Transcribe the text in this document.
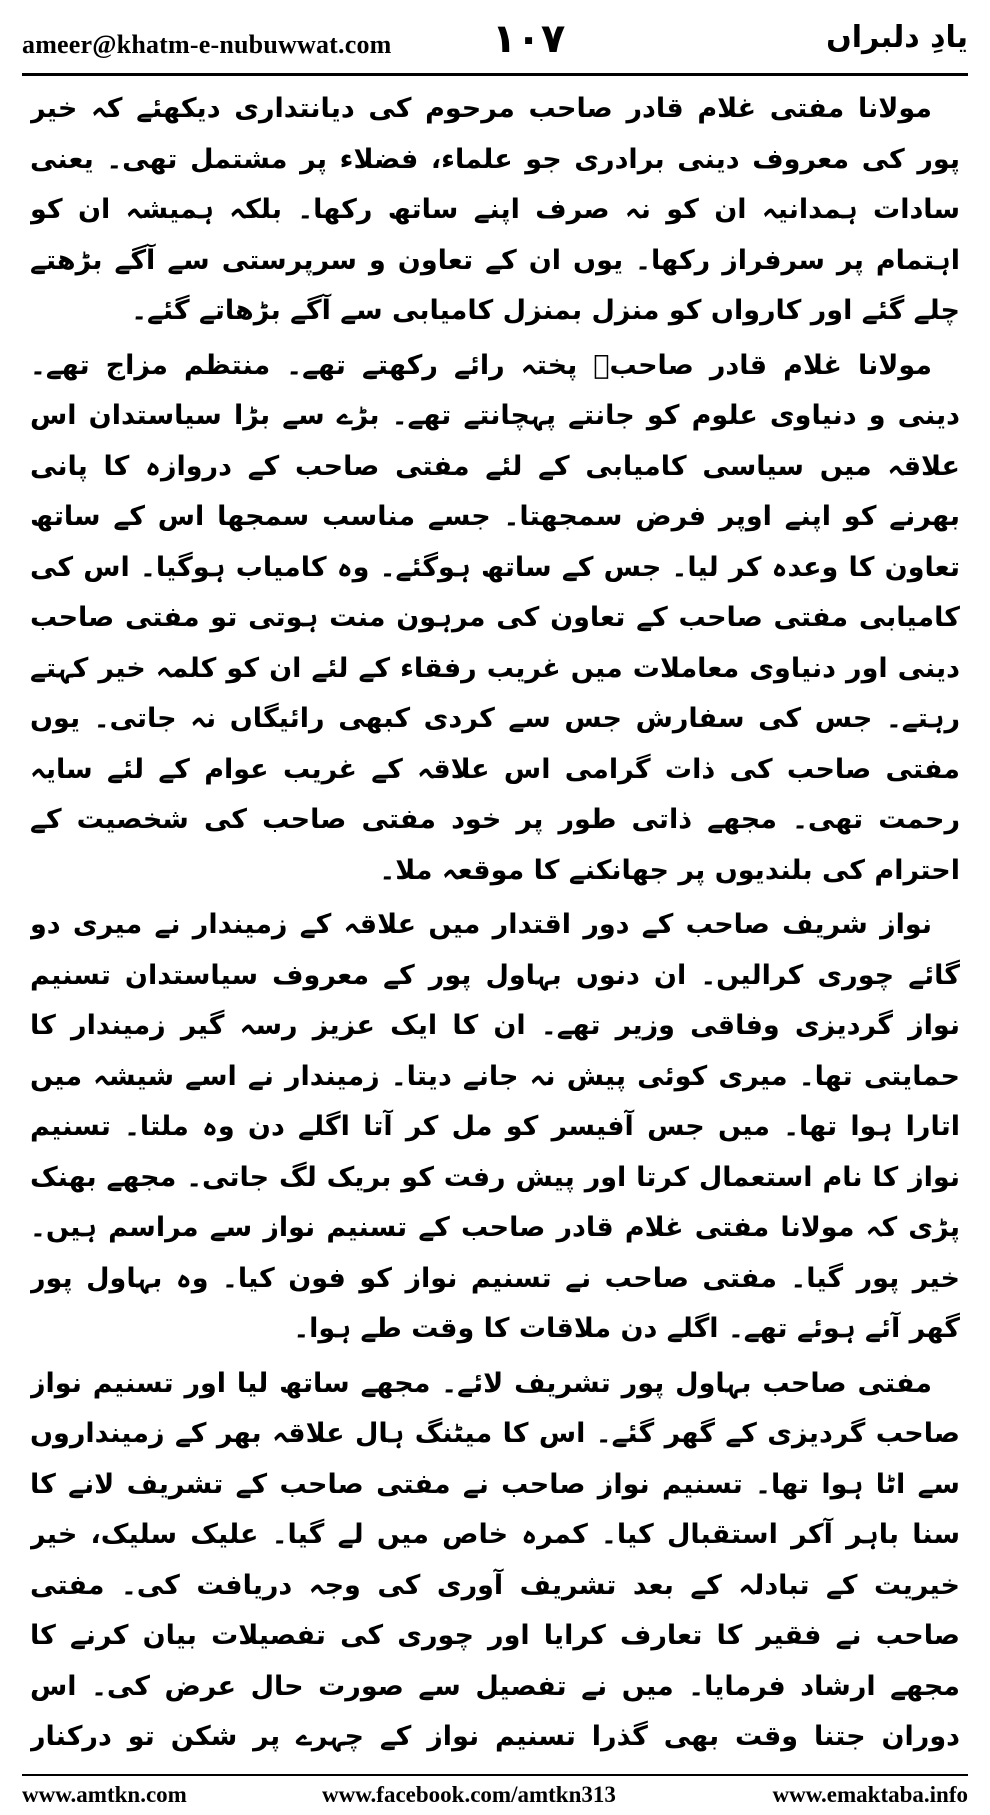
ameer@khatm-e-nubuwwat.com	١٠٧	یادِ دلبراں

مولانا مفتی غلام قادر صاحب مرحوم کی دیانتداری دیکھئے کہ خیر پور کی معروف دینی برادری جو علماء، فضلاء پر مشتمل تھی۔ یعنی سادات ہمدانیہ ان کو نہ صرف اپنے ساتھ رکھا۔ بلکہ ہمیشہ ان کو اہتمام پر سرفراز رکھا۔ یوں ان کے تعاون و سرپرستی سے آگے بڑھتے چلے گئے اور کارواں کو منزل بمنزل کامیابی سے آگے بڑھاتے گئے۔

مولانا غلام قادر صاحبؒ پختہ رائے رکھتے تھے۔ منتظم مزاج تھے۔ دینی و دنیاوی علوم کو جانتے پہچانتے تھے۔ بڑے سے بڑا سیاستدان اس علاقہ میں سیاسی کامیابی کے لئے مفتی صاحب کے دروازہ کا پانی بھرنے کو اپنے اوپر فرض سمجھتا۔ جسے مناسب سمجھا اس کے ساتھ تعاون کا وعدہ کر لیا۔ جس کے ساتھ ہوگئے۔ وہ کامیاب ہوگیا۔ اس کی کامیابی مفتی صاحب کے تعاون کی مرہون منت ہوتی تو مفتی صاحب دینی اور دنیاوی معاملات میں غریب رفقاء کے لئے ان کو کلمہ خیر کہتے رہتے۔ جس کی سفارش جس سے کردی کبھی رائیگاں نہ جاتی۔ یوں مفتی صاحب کی ذات گرامی اس علاقہ کے غریب عوام کے لئے سایہ رحمت تھی۔ مجھے ذاتی طور پر خود مفتی صاحب کی شخصیت کے احترام کی بلندیوں پر جھانکنے کا موقعہ ملا۔

نواز شریف صاحب کے دور اقتدار میں علاقہ کے زمیندار نے میری دو گائے چوری کرالیں۔ ان دنوں بہاول پور کے معروف سیاستدان تسنیم نواز گردیزی وفاقی وزیر تھے۔ ان کا ایک عزیز رسہ گیر زمیندار کا حمایتی تھا۔ میری کوئی پیش نہ جانے دیتا۔ زمیندار نے اسے شیشہ میں اتارا ہوا تھا۔ میں جس آفیسر کو مل کر آتا اگلے دن وہ ملتا۔ تسنیم نواز کا نام استعمال کرتا اور پیش رفت کو بریک لگ جاتی۔ مجھے بھنک پڑی کہ مولانا مفتی غلام قادر صاحب کے تسنیم نواز سے مراسم ہیں۔ خیر پور گیا۔ مفتی صاحب نے تسنیم نواز کو فون کیا۔ وہ بہاول پور گھر آئے ہوئے تھے۔ اگلے دن ملاقات کا وقت طے ہوا۔

مفتی صاحب بہاول پور تشریف لائے۔ مجھے ساتھ لیا اور تسنیم نواز صاحب گردیزی کے گھر گئے۔ اس کا میٹنگ ہال علاقہ بھر کے زمینداروں سے اٹا ہوا تھا۔ تسنیم نواز صاحب نے مفتی صاحب کے تشریف لانے کا سنا باہر آکر استقبال کیا۔ کمرہ خاص میں لے گیا۔ علیک سلیک، خیر خیریت کے تبادلہ کے بعد تشریف آوری کی وجہ دریافت کی۔ مفتی صاحب نے فقیر کا تعارف کرایا اور چوری کی تفصیلات بیان کرنے کا مجھے ارشاد فرمایا۔ میں نے تفصیل سے صورت حال عرض کی۔ اس دوران جتنا وقت بھی گذرا تسنیم نواز کے چہرے پر شکن تو درکنار

www.amtkn.com	www.facebook.com/amtkn313	www.emaktaba.info
